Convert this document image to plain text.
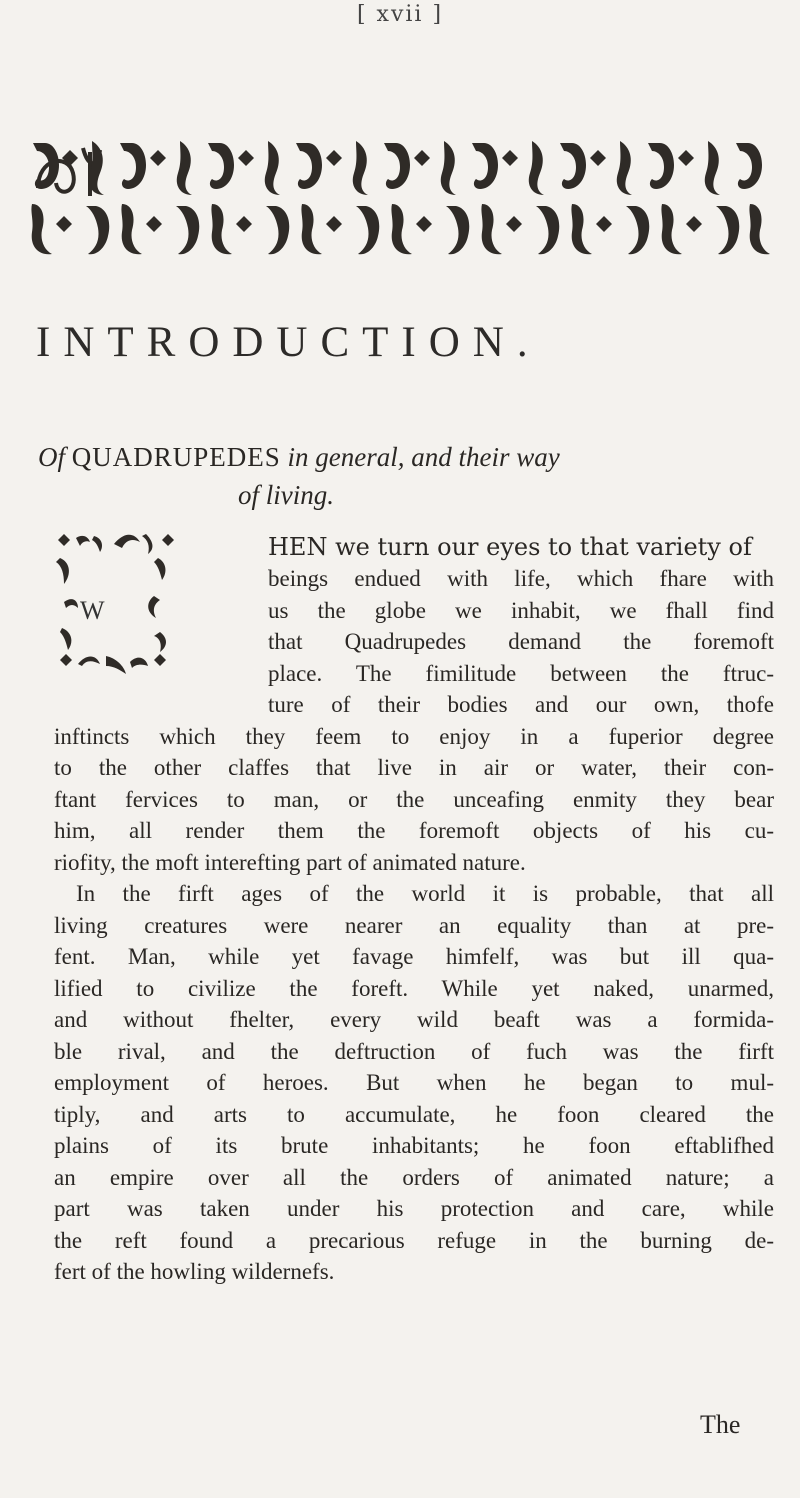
[ xvii ]
INTRODUCTION.
Of QUADRUPEDES in general, and their way
of living.
W
HEN we turn our eyes to that variety of
beings endued with life, which fhare with
us the globe we inhabit, we fhall find
that Quadrupedes demand the foremoft
place. The fimilitude between the ftruc-
ture of their bodies and our own, thofe
inftincts which they feem to enjoy in a fuperior degree
to the other claffes that live in air or water, their con-
ftant fervices to man, or the unceafing enmity they bear
him, all render them the foremoft objects of his cu-
riofity, the moft interefting part of animated nature.
In the firft ages of the world it is probable, that all
living creatures were nearer an equality than at pre-
fent. Man, while yet favage himfelf, was but ill qua-
lified to civilize the foreft. While yet naked, unarmed,
and without fhelter, every wild beaft was a formida-
ble rival, and the deftruction of fuch was the firft
employment of heroes. But when he began to mul-
tiply, and arts to accumulate, he foon cleared the
plains of its brute inhabitants; he foon eftablifhed
an empire over all the orders of animated nature; a
part was taken under his protection and care, while
the reft found a precarious refuge in the burning de-
fert of the howling wildernefs.
The
